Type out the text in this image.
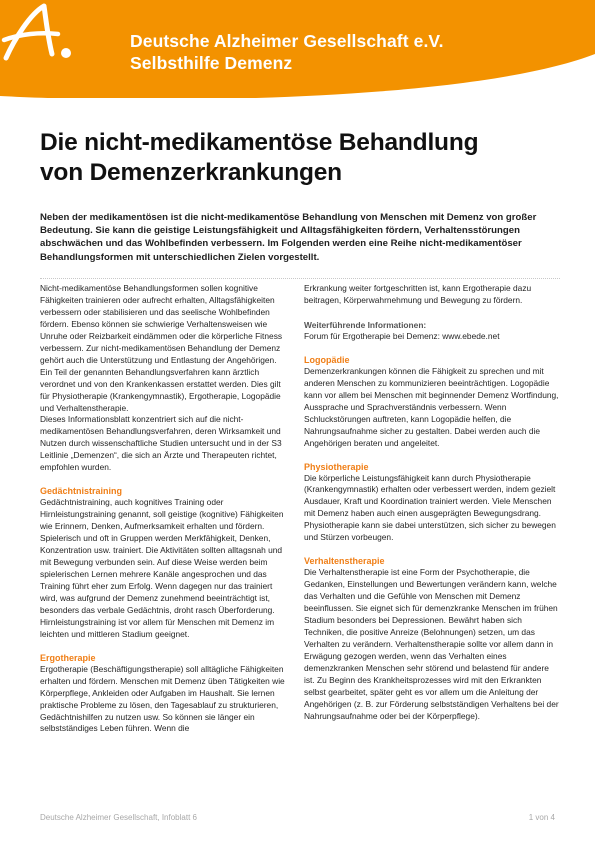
Deutsche Alzheimer Gesellschaft e.V.
Selbsthilfe Demenz
Die nicht-medikamentöse Behandlung
von Demenzerkrankungen

Neben der medikamentösen ist die nicht-medikamentöse Behandlung von Menschen mit Demenz von großer Bedeutung. Sie kann die geistige Leistungsfähigkeit und Alltagsfähigkeiten fördern, Verhaltensstörungen abschwächen und das Wohlbefinden verbessern. Im Folgenden werden eine Reihe nicht-medikamentöser Behandlungsformen mit unterschiedlichen Zielen vorgestellt.

Nicht-medikamentöse Behandlungsformen sollen kognitive Fähigkeiten trainieren oder aufrecht erhalten, Alltagsfähigkeiten verbessern oder stabilisieren und das seelische Wohlbefinden fördern. Ebenso können sie schwierige Verhaltensweisen wie Unruhe oder Reizbarkeit eindämmen oder die körperliche Fitness verbessern. Zur nicht-medikamentösen Behandlung der Demenz gehört auch die Unterstützung und Entlastung der Angehörigen. Ein Teil der genannten Behandlungsverfahren kann ärztlich verordnet und von den Krankenkassen erstattet werden. Dies gilt für Physiotherapie (Krankengymnastik), Ergotherapie, Logopädie und Verhaltenstherapie.

Dieses Informationsblatt konzentriert sich auf die nicht-medikamentösen Behandlungsverfahren, deren Wirksamkeit und Nutzen durch wissenschaftliche Studien untersucht und in der S3 Leitlinie „Demenzen“, die sich an Ärzte und Therapeuten richtet, empfohlen wurden.

Gedächtnistraining

Gedächtnistraining, auch kognitives Training oder Hirnleistungstraining genannt, soll geistige (kognitive) Fähigkeiten wie Erinnern, Denken, Aufmerksamkeit erhalten und fördern. Spielerisch und oft in Gruppen werden Merkfähigkeit, Denken, Konzentration usw. trainiert. Die Aktivitäten sollten alltagsnah und mit Bewegung verbunden sein. Auf diese Weise werden beim spielerischen Lernen mehrere Kanäle angesprochen und das Training führt eher zum Erfolg. Wenn dagegen nur das trainiert wird, was aufgrund der Demenz zunehmend beeinträchtigt ist, besonders das verbale Gedächtnis, droht rasch Überforderung. Hirnleistungstraining ist vor allem für Menschen mit Demenz im leichten und mittleren Stadium geeignet.

Ergotherapie

Ergotherapie (Beschäftigungstherapie) soll alltägliche Fähigkeiten erhalten und fördern. Menschen mit Demenz üben Tätigkeiten wie Körperpflege, Ankleiden oder Aufgaben im Haushalt. Sie lernen praktische Probleme zu lösen, den Tagesablauf zu strukturieren, Gedächtnishilfen zu nutzen usw. So können sie länger ein selbstständiges Leben führen. Wenn die

Erkrankung weiter fortgeschritten ist, kann Ergotherapie dazu beitragen, Körperwahrnehmung und Bewegung zu fördern.

Weiterführende Informationen:

Forum für Ergotherapie bei Demenz: www.ebede.net

Logopädie

Demenzerkrankungen können die Fähigkeit zu sprechen und mit anderen Menschen zu kommunizieren beeinträchtigen. Logopädie kann vor allem bei Menschen mit beginnender Demenz Wortfindung, Aussprache und Sprachverständnis verbessern. Wenn Schluckstörungen auftreten, kann Logopädie helfen, die Nahrungsaufnahme sicher zu gestalten. Dabei werden auch die Angehörigen beraten und angeleitet.

Physiotherapie

Die körperliche Leistungsfähigkeit kann durch Physiotherapie (Krankengymnastik) erhalten oder verbessert werden, indem gezielt Ausdauer, Kraft und Koordination trainiert werden. Viele Menschen mit Demenz haben auch einen ausgeprägten Bewegungsdrang. Physiotherapie kann sie dabei unterstützen, sich sicher zu bewegen und Stürzen vorbeugen.

Verhaltenstherapie

Die Verhaltenstherapie ist eine Form der Psychotherapie, die Gedanken, Einstellungen und Bewertungen verändern kann, welche das Verhalten und die Gefühle von Menschen mit Demenz beeinflussen. Sie eignet sich für demenzkranke Menschen im frühen Stadium besonders bei Depressionen. Bewährt haben sich Techniken, die positive Anreize (Belohnungen) setzen, um das Verhalten zu verändern. Verhaltenstherapie sollte vor allem dann in Erwägung gezogen werden, wenn das Verhalten eines demenzkranken Menschen sehr störend und belastend für andere ist. Zu Beginn des Krankheitsprozesses wird mit den Erkrankten selbst gearbeitet, später geht es vor allem um die Anleitung der Angehörigen (z. B. zur Förderung selbstständigen Verhaltens bei der Nahrungsaufnahme oder bei der Körperpflege).

Deutsche Alzheimer Gesellschaft, Infoblatt 6	1 von 4
